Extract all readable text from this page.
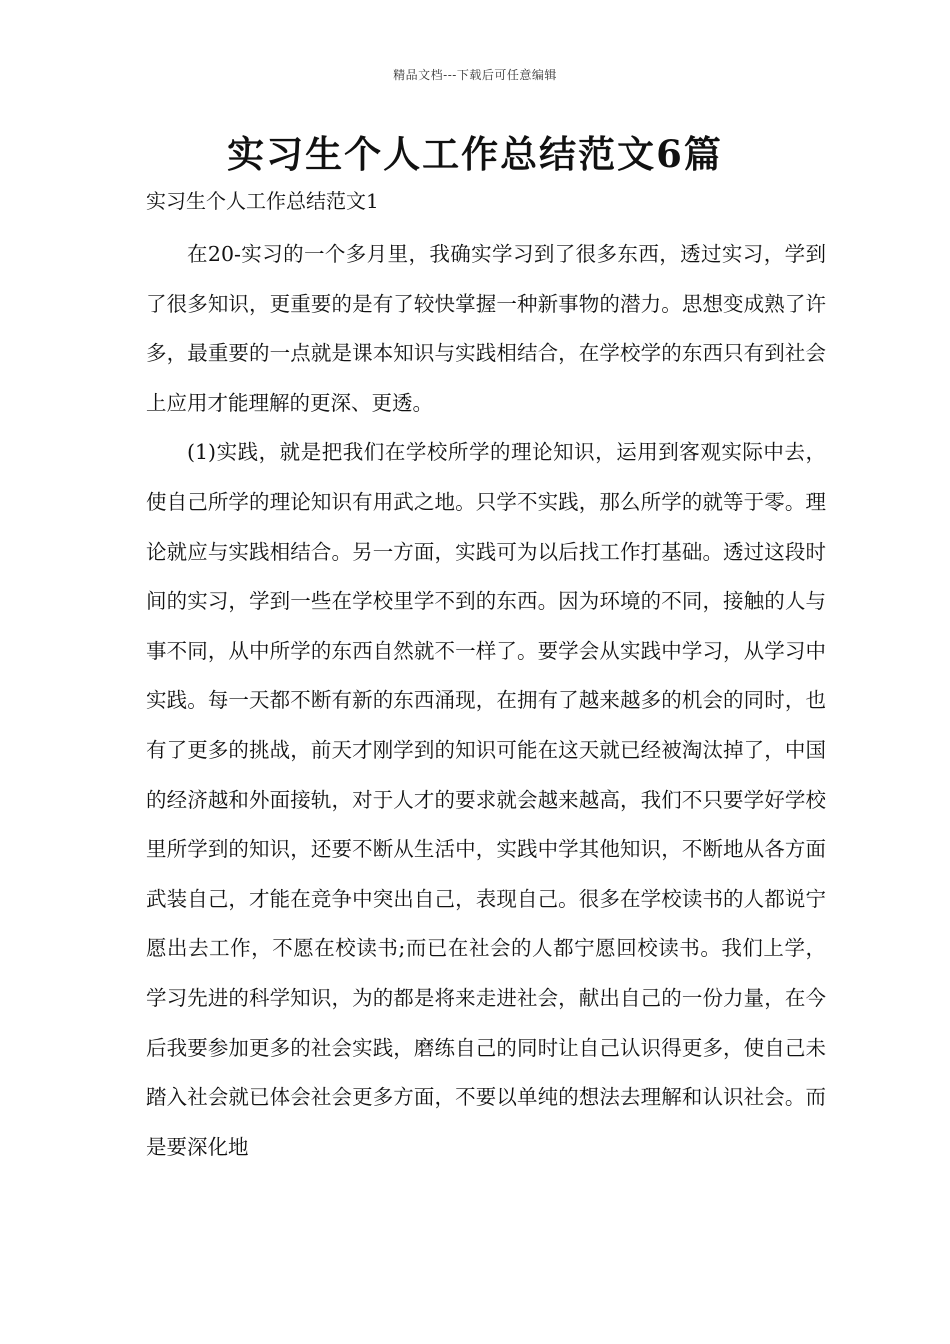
精品文档---下载后可任意编辑
实习生个人工作总结范文6篇

实习生个人工作总结范文1

在20-实习的一个多月里，我确实学习到了很多东西，透过实习，学到了很多知识，更重要的是有了较快掌握一种新事物的潜力。思想变成熟了许多，最重要的一点就是课本知识与实践相结合，在学校学的东西只有到社会上应用才能理解的更深、更透。

(1)实践，就是把我们在学校所学的理论知识，运用到客观实际中去，使自己所学的理论知识有用武之地。只学不实践，那么所学的就等于零。理论就应与实践相结合。另一方面，实践可为以后找工作打基础。透过这段时间的实习，学到一些在学校里学不到的东西。因为环境的不同，接触的人与事不同，从中所学的东西自然就不一样了。要学会从实践中学习，从学习中实践。每一天都不断有新的东西涌现，在拥有了越来越多的机会的同时，也有了更多的挑战，前天才刚学到的知识可能在这天就已经被淘汰掉了，中国的经济越和外面接轨，对于人才的要求就会越来越高，我们不只要学好学校里所学到的知识，还要不断从生活中，实践中学其他知识，不断地从各方面武装自己，才能在竞争中突出自己，表现自己。很多在学校读书的人都说宁愿出去工作，不愿在校读书;而已在社会的人都宁愿回校读书。我们上学，学习先进的科学知识，为的都是将来走进社会，献出自己的一份力量，在今后我要参加更多的社会实践，磨练自己的同时让自己认识得更多，使自己未踏入社会就已体会社会更多方面，不要以单纯的想法去理解和认识社会。而是要深化地
